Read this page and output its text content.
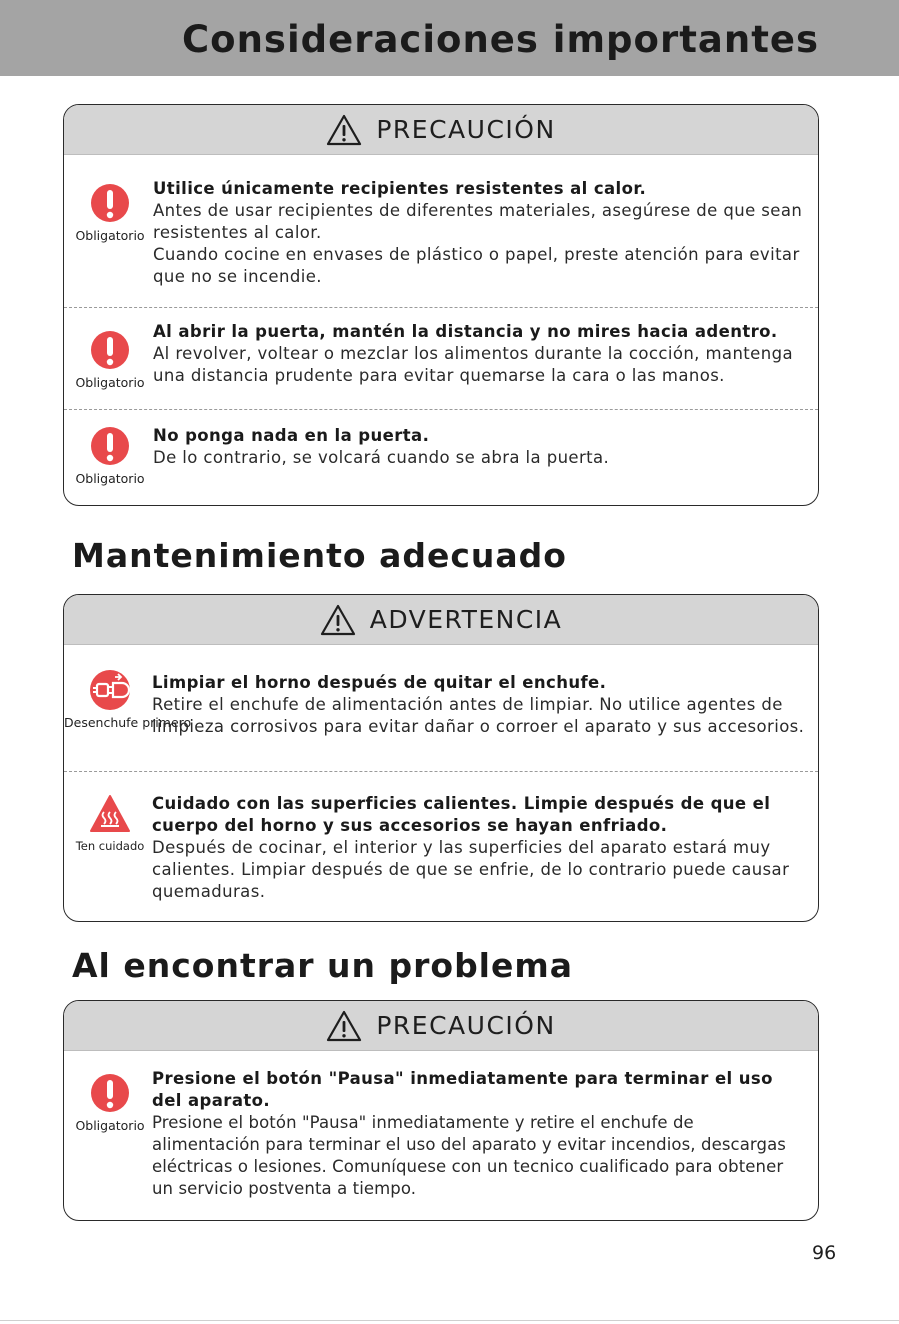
Consideraciones importantes
PRECAUCIÓN
Obligatorio
Utilice únicamente recipientes resistentes al calor.

Antes de usar recipientes de diferentes materiales, asegúrese de que sean resistentes al calor.

Cuando cocine en envases de plástico o papel, preste atención para evitar que no se incendie.

Obligatorio
Al abrir la puerta, mantén la distancia y no mires hacia adentro.

Al revolver, voltear o mezclar los alimentos durante la cocción, mantenga una distancia prudente para evitar quemarse la cara o las manos.

Obligatorio
No ponga nada en la puerta.

De lo contrario, se volcará cuando se abra la puerta.

Mantenimiento adecuado
ADVERTENCIA
Desenchufe primero
Limpiar el horno después de quitar el enchufe.

Retire el enchufe de alimentación antes de limpiar. No utilice agentes de limpieza corrosivos para evitar dañar o corroer el aparato y sus accesorios.

Ten cuidado
Cuidado con las superficies calientes. Limpie después de que el cuerpo del horno y sus accesorios se hayan enfriado.

Después de cocinar, el interior y las superficies del aparato estará muy calientes. Limpiar después de que se enfrie, de lo contrario puede causar quemaduras.

Al encontrar un problema
PRECAUCIÓN
Obligatorio
Presione el botón "Pausa" inmediatamente para terminar el uso del aparato.

Presione el botón "Pausa" inmediatamente y retire el enchufe de alimentación para terminar el uso del aparato y evitar incendios, descargas eléctricas o lesiones. Comuníquese con un tecnico cualificado para obtener un servicio postventa a tiempo.

96
